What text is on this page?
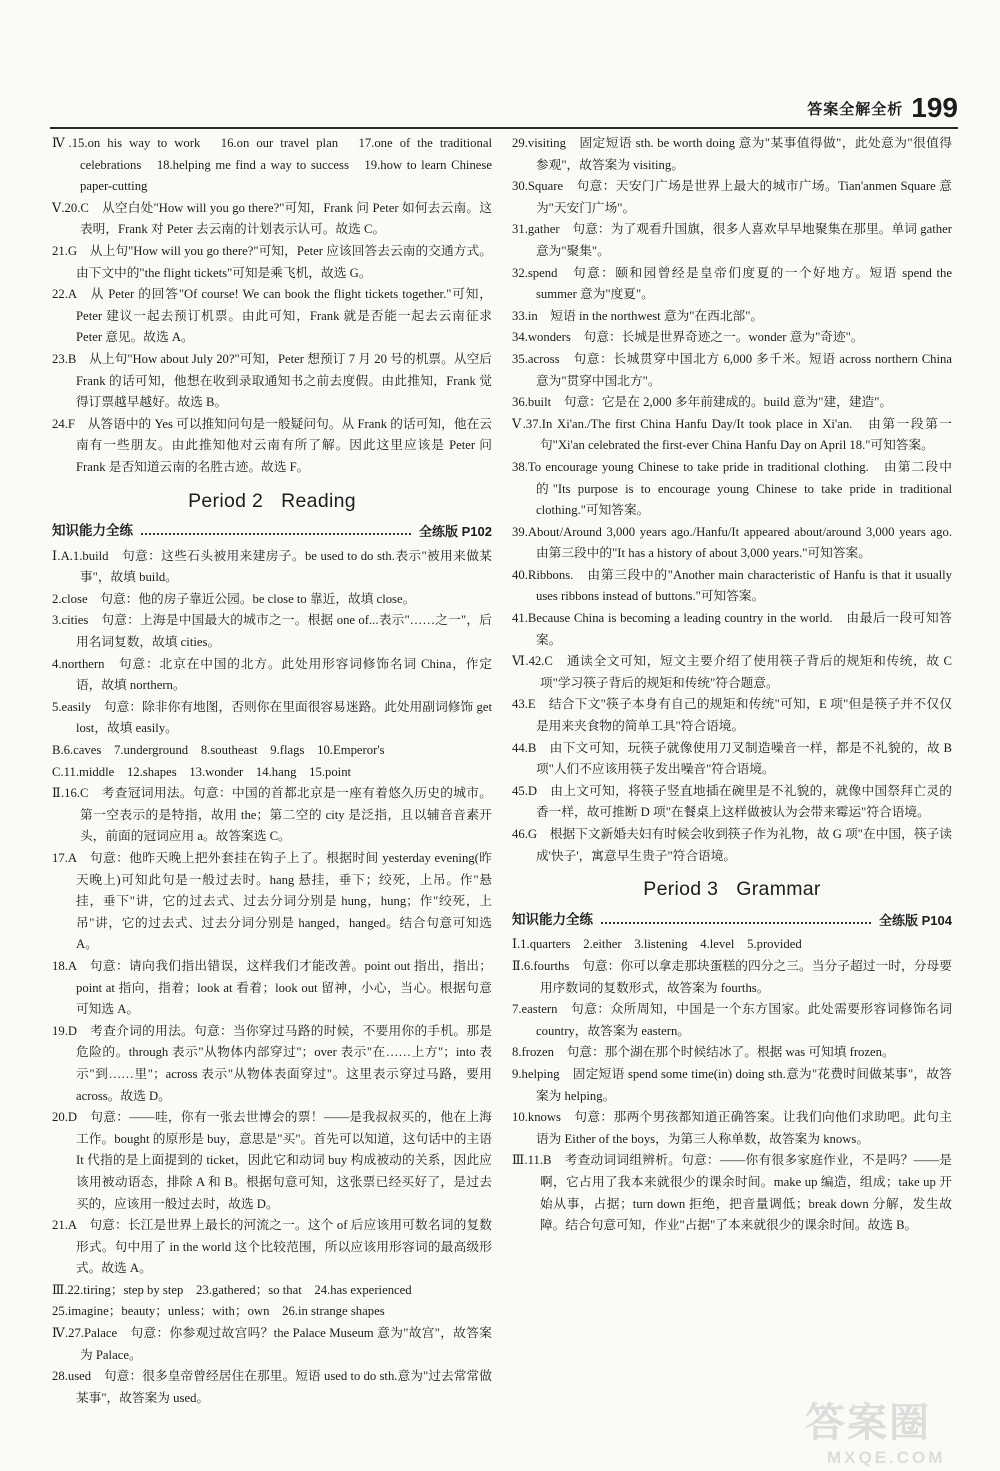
答案全解全析 199
Ⅳ.15.on his way to work　16.on our travel plan　17.one of the traditional celebrations　18.helping me find a way to success　19.how to learn Chinese paper-cutting
Ⅴ.20.C　从空白处"How will you go there?"可知，Frank 问 Peter 如何去云南。这表明，Frank 对 Peter 去云南的计划表示认可。故选 C。
21.G　从上句"How will you go there?"可知，Peter 应该回答去云南的交通方式。由下文中的"the flight tickets"可知是乘飞机，故选 G。
22.A　从 Peter 的回答"Of course! We can book the flight tickets together."可知，Peter 建议一起去预订机票。由此可知，Frank 就是否能一起去云南征求 Peter 意见。故选 A。
23.B　从上句"How about July 20?"可知，Peter 想预订 7 月 20 号的机票。从空后 Frank 的话可知，他想在收到录取通知书之前去度假。由此推知，Frank 觉得订票越早越好。故选 B。
24.F　从答语中的 Yes 可以推知问句是一般疑问句。从 Frank 的话可知，他在云南有一些朋友。由此推知他对云南有所了解。因此这里应该是 Peter 问 Frank 是否知道云南的名胜古迹。故选 F。
Period 2 Reading
知识能力全练	全练版 P102
Ⅰ.A.1.build　句意：这些石头被用来建房子。be used to do sth.表示"被用来做某事"，故填 build。
2.close　句意：他的房子靠近公园。be close to 靠近，故填 close。
3.cities　句意：上海是中国最大的城市之一。根据 one of...表示"……之一"，后用名词复数，故填 cities。
4.northern　句意：北京在中国的北方。此处用形容词修饰名词 China，作定语，故填 northern。
5.easily　句意：除非你有地图，否则你在里面很容易迷路。此处用副词修饰 get lost，故填 easily。
B.6.caves　7.underground　8.southeast　9.flags　10.Emperor's
C.11.middle　12.shapes　13.wonder　14.hang　15.point
Ⅱ.16.C　考查冠词用法。句意：中国的首都北京是一座有着悠久历史的城市。第一空表示的是特指，故用 the；第二空的 city 是泛指，且以辅音音素开头，前面的冠词应用 a。故答案选 C。
17.A　句意：他昨天晚上把外套挂在钩子上了。根据时间 yesterday evening(昨天晚上)可知此句是一般过去时。hang 悬挂，垂下；绞死，上吊。作"悬挂，垂下"讲，它的过去式、过去分词分别是 hung，hung；作"绞死，上吊"讲，它的过去式、过去分词分别是 hanged，hanged。结合句意可知选 A。
18.A　句意：请向我们指出错误，这样我们才能改善。point out 指出，指出；point at 指向，指着；look at 看着；look out 留神，小心，当心。根据句意可知选 A。
19.D　考查介词的用法。句意：当你穿过马路的时候，不要用你的手机。那是危险的。through 表示"从物体内部穿过"；over 表示"在……上方"；into 表示"到……里"；across 表示"从物体表面穿过"。这里表示穿过马路，要用 across。故选 D。
20.D　句意：——哇，你有一张去世博会的票！——是我叔叔买的，他在上海工作。bought 的原形是 buy，意思是"买"。首先可以知道，这句话中的主语 It 代指的是上面提到的 ticket，因此它和动词 buy 构成被动的关系，因此应该用被动语态，排除 A 和 B。根据句意可知，这张票已经买好了，是过去买的，应该用一般过去时，故选 D。
21.A　句意：长江是世界上最长的河流之一。这个 of 后应该用可数名词的复数形式。句中用了 in the world 这个比较范围，所以应该用形容词的最高级形式。故选 A。
Ⅲ.22.tiring；step by step　23.gathered；so that　24.has experienced
25.imagine；beauty；unless；with；own　26.in strange shapes
Ⅳ.27.Palace　句意：你参观过故宫吗？the Palace Museum 意为"故宫"，故答案为 Palace。
28.used　句意：很多皇帝曾经居住在那里。短语 used to do sth.意为"过去常常做某事"，故答案为 used。
29.visiting　固定短语 sth. be worth doing 意为"某事值得做"，此处意为"很值得参观"，故答案为 visiting。
30.Square　句意：天安门广场是世界上最大的城市广场。Tian'anmen Square 意为"天安门广场"。
31.gather　句意：为了观看升国旗，很多人喜欢早早地聚集在那里。单词 gather 意为"聚集"。
32.spend　句意：颐和园曾经是皇帝们度夏的一个好地方。短语 spend the summer 意为"度夏"。
33.in　短语 in the northwest 意为"在西北部"。
34.wonders　句意：长城是世界奇迹之一。wonder 意为"奇迹"。
35.across　句意：长城贯穿中国北方 6,000 多千米。短语 across northern China 意为"贯穿中国北方"。
36.built　句意：它是在 2,000 多年前建成的。build 意为"建，建造"。
Ⅴ.37.In Xi'an./The first China Hanfu Day/It took place in Xi'an.　由第一段第一句"Xi'an celebrated the first-ever China Hanfu Day on April 18."可知答案。
38.To encourage young Chinese to take pride in traditional clothing.　由第二段中的"Its purpose is to encourage young Chinese to take pride in traditional clothing."可知答案。
39.About/Around 3,000 years ago./Hanfu/It appeared about/around 3,000 years ago.　由第三段中的"It has a history of about 3,000 years."可知答案。
40.Ribbons.　由第三段中的"Another main characteristic of Hanfu is that it usually uses ribbons instead of buttons."可知答案。
41.Because China is becoming a leading country in the world.　由最后一段可知答案。
Ⅵ.42.C　通读全文可知，短文主要介绍了使用筷子背后的规矩和传统，故 C 项"学习筷子背后的规矩和传统"符合题意。
43.E　结合下文"筷子本身有自己的规矩和传统"可知，E 项"但是筷子并不仅仅是用来夹食物的简单工具"符合语境。
44.B　由下文可知，玩筷子就像使用刀叉制造噪音一样，都是不礼貌的，故 B 项"人们不应该用筷子发出噪音"符合语境。
45.D　由上文可知，将筷子竖直地插在碗里是不礼貌的，就像中国祭拜亡灵的香一样，故可推断 D 项"在餐桌上这样做被认为会带来霉运"符合语境。
46.G　根据下文新婚夫妇有时候会收到筷子作为礼物，故 G 项"在中国，筷子读成'快子'，寓意早生贵子"符合语境。
Period 3 Grammar
知识能力全练	全练版 P104
Ⅰ.1.quarters　2.either　3.listening　4.level　5.provided
Ⅱ.6.fourths　句意：你可以拿走那块蛋糕的四分之三。当分子超过一时，分母要用序数词的复数形式，故答案为 fourths。
7.eastern　句意：众所周知，中国是一个东方国家。此处需要形容词修饰名词 country，故答案为 eastern。
8.frozen　句意：那个湖在那个时候结冰了。根据 was 可知填 frozen。
9.helping　固定短语 spend some time(in) doing sth.意为"花费时间做某事"，故答案为 helping。
10.knows　句意：那两个男孩都知道正确答案。让我们向他们求助吧。此句主语为 Either of the boys，为第三人称单数，故答案为 knows。
Ⅲ.11.B　考查动词词组辨析。句意：——你有很多家庭作业，不是吗？——是啊，它占用了我本来就很少的课余时间。make up 编造，组成；take up 开始从事，占据；turn down 拒绝，把音量调低；break down 分解，发生故障。结合句意可知，作业"占据"了本来就很少的课余时间。故选 B。
答案圈
MXQE.COM
